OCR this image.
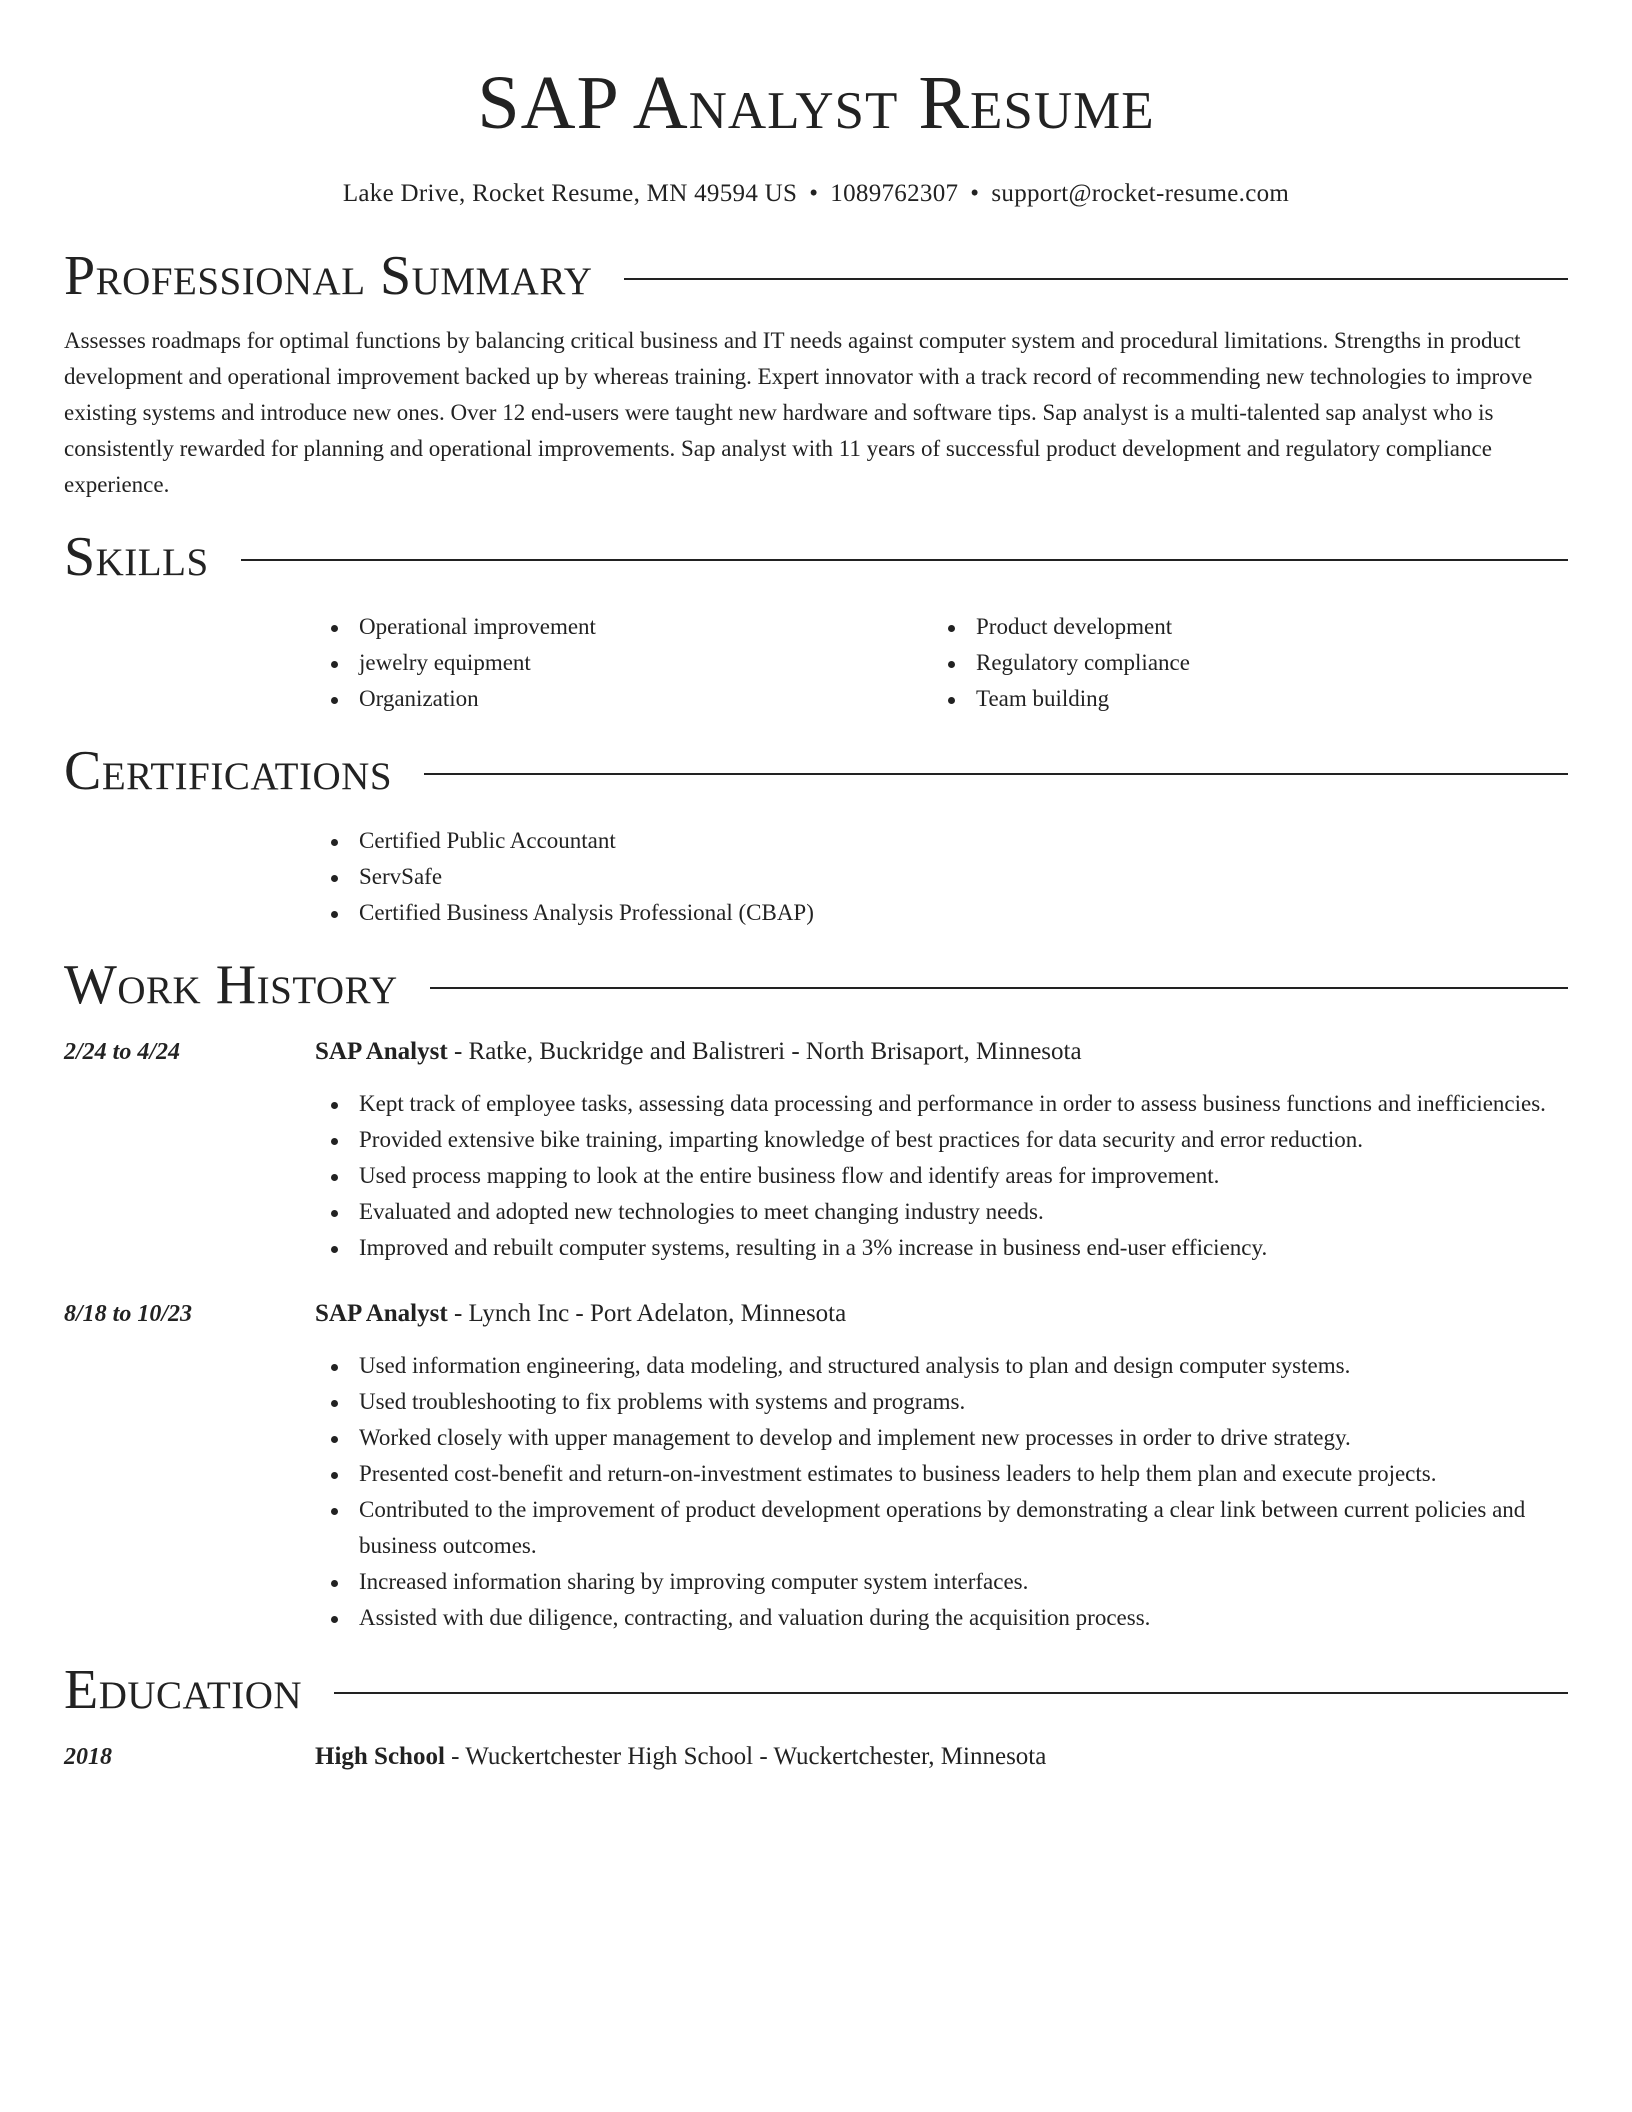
SAP Analyst Resume
Lake Drive, Rocket Resume, MN 49594 US • 1089762307 • support@rocket-resume.com
Professional Summary

Assesses roadmaps for optimal functions by balancing critical business and IT needs against computer system and procedural limitations. Strengths in product development and operational improvement backed up by whereas training. Expert innovator with a track record of recommending new technologies to improve existing systems and introduce new ones. Over 12 end-users were taught new hardware and software tips. Sap analyst is a multi-talented sap analyst who is consistently rewarded for planning and operational improvements. Sap analyst with 11 years of successful product development and regulatory compliance experience.

Skills
Operational improvement
jewelry equipment
Organization
Product development
Regulatory compliance
Team building
Certifications
Certified Public Accountant
ServSafe
Certified Business Analysis Professional (CBAP)
Work History
2/24 to 4/24	SAP Analyst - Ratke, Buckridge and Balistreri - North Brisaport, Minnesota
Kept track of employee tasks, assessing data processing and performance in order to assess business functions and inefficiencies.
Provided extensive bike training, imparting knowledge of best practices for data security and error reduction.
Used process mapping to look at the entire business flow and identify areas for improvement.
Evaluated and adopted new technologies to meet changing industry needs.
Improved and rebuilt computer systems, resulting in a 3% increase in business end-user efficiency.
8/18 to 10/23	SAP Analyst - Lynch Inc - Port Adelaton, Minnesota
Used information engineering, data modeling, and structured analysis to plan and design computer systems.
Used troubleshooting to fix problems with systems and programs.
Worked closely with upper management to develop and implement new processes in order to drive strategy.
Presented cost-benefit and return-on-investment estimates to business leaders to help them plan and execute projects.
Contributed to the improvement of product development operations by demonstrating a clear link between current policies and business outcomes.
Increased information sharing by improving computer system interfaces.
Assisted with due diligence, contracting, and valuation during the acquisition process.
Education
2018	High School - Wuckertchester High School - Wuckertchester, Minnesota
